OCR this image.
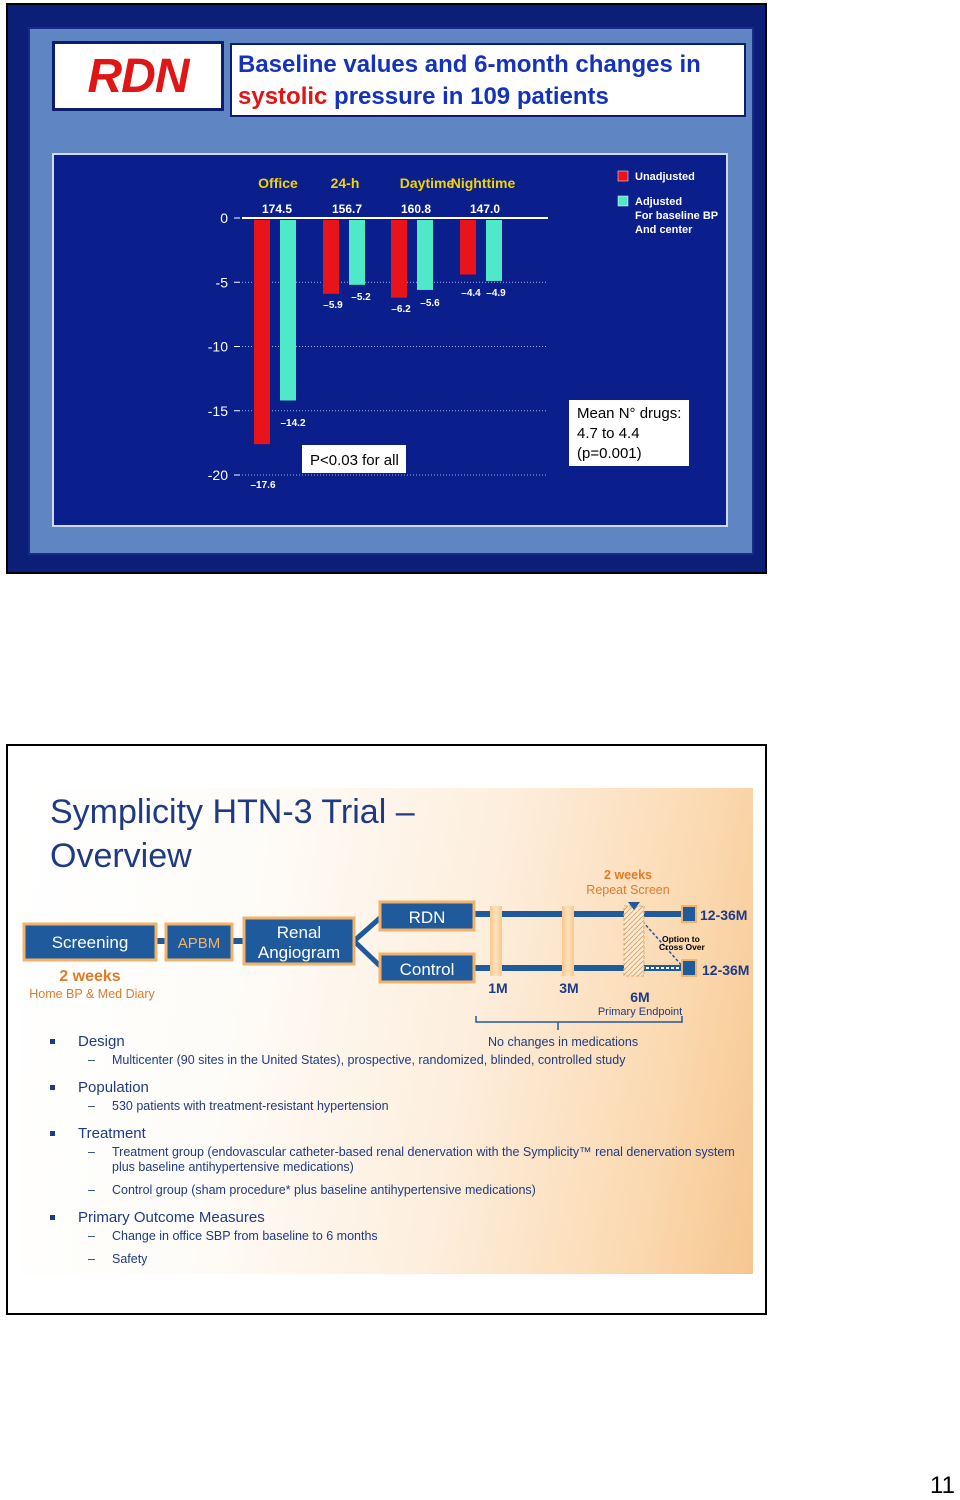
RDN Baseline values and 6-month changes in
systolic pressure in 109 patients
0
-5
-10
-15
-20
Office
174.5
–17.6
–14.2
24-h
156.7
–5.9
–5.2
Daytime
160.8
–6.2
–5.6
Nighttime
147.0
–4.4 –4.9
Unadjusted
Adjusted
For baseline BP
And center
P<0.03 for all
Mean N° drugs:
4.7 to 4.4
(p=0.001)
Symplicity HTN-3 Trial –
Overview
Screening
2 weeks
Home BP & Med Diary
APBM
Renal
Angiogram
RDN
Control
1M	3M
6M
Primary Endpoint
2 weeks
Repeat Screen
12-36M
12-36M
Option to
Cross Over
No changes in medications
Design
– Multicenter (90 sites in the United States), prospective, randomized, blinded, controlled study
Population
– 530 patients with treatment-resistant hypertension
Treatment
– Treatment group (endovascular catheter-based renal denervation with the Symplicity™ renal denervation system plus baseline antihypertensive medications)
– Control group (sham procedure* plus baseline antihypertensive medications)
Primary Outcome Measures
– Change in office SBP from baseline to 6 months
– Safety
11
